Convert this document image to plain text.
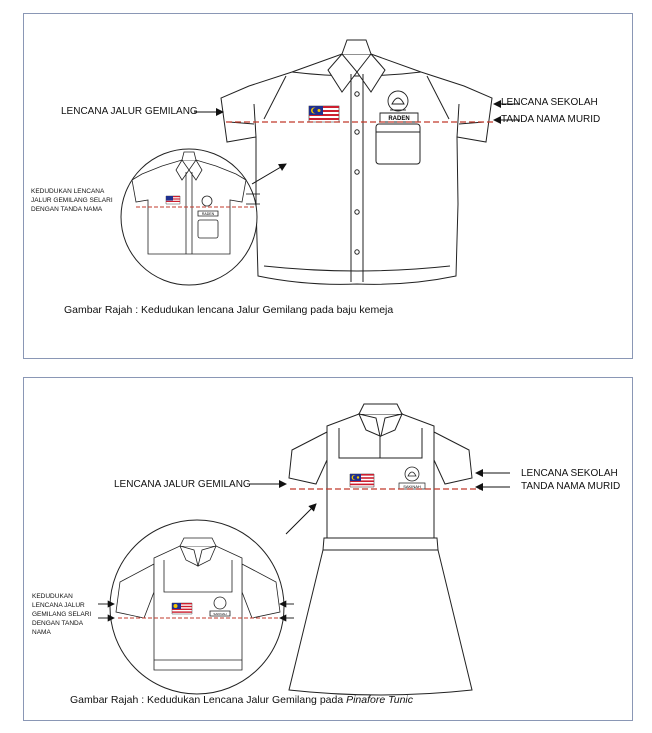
RADEN
RADEN
LENCANA JALUR GEMILANG
LENCANA SEKOLAH
TANDA NAMA MURID
KEDUDUKAN LENCANA
JALUR GEMILANG SELARI
DENGAN TANDA NAMA
Gambar Rajah : Kedudukan lencana Jalur Gemilang pada baju kemeja
SAKINAH
SAKINAH
LENCANA JALUR GEMILANG
LENCANA SEKOLAH
TANDA NAMA MURID
KEDUDUKAN
LENCANA JALUR
GEMILANG SELARI
DENGAN TANDA
NAMA
Gambar Rajah : Kedudukan Lencana Jalur Gemilang pada Pinafore Tunic
